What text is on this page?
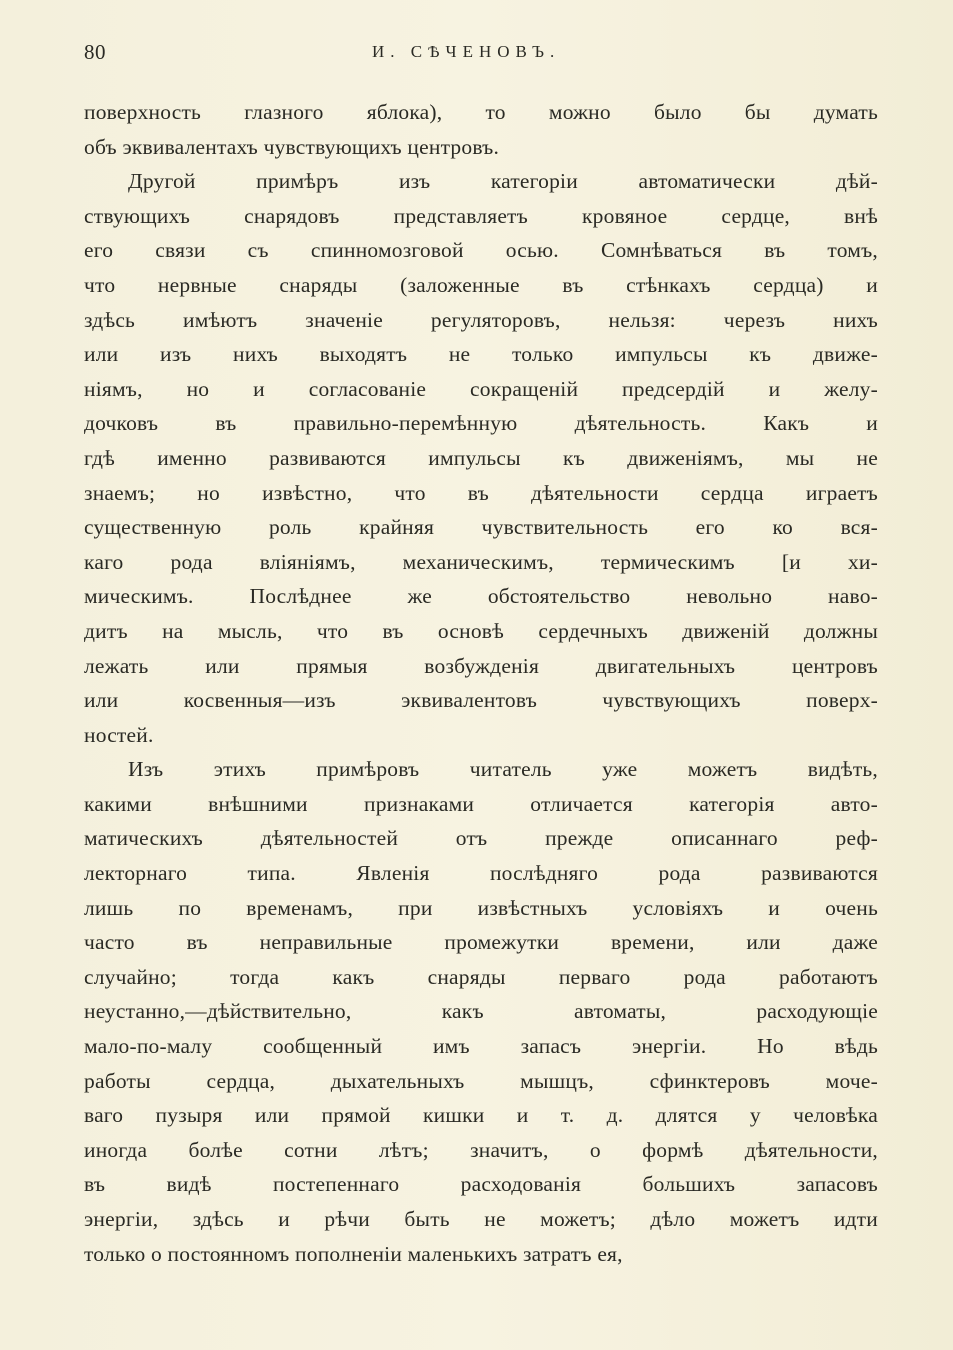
80	И. СѢЧЕНОВЪ.
поверхность глазного яблока), то можно было бы думать
объ эквивалентахъ чувствующихъ центровъ.
Другой примѣръ изъ категоріи автоматически дѣй-
ствующихъ снарядовъ представляетъ кровяное сердце, внѣ
его связи съ спинномозговой осью. Сомнѣваться въ томъ,
что нервные снаряды (заложенные въ стѣнкахъ сердца) и
здѣсь имѣютъ значеніе регуляторовъ, нельзя: черезъ нихъ
или изъ нихъ выходятъ не только импульсы къ движе-
ніямъ, но и согласованіе сокращеній предсердій и желу-
дочковъ въ правильно-перемѣнную дѣятельность. Какъ и
гдѣ именно развиваются импульсы къ движеніямъ, мы не
знаемъ; но извѣстно, что въ дѣятельности сердца играетъ
существенную роль крайняя чувствительность его ко вся-
каго рода вліяніямъ, механическимъ, термическимъ [и хи-
мическимъ. Послѣднее же обстоятельство невольно наво-
дитъ на мысль, что въ основѣ сердечныхъ движеній должны
лежать или прямыя возбужденія двигательныхъ центровъ
или косвенныя—изъ эквивалентовъ чувствующихъ поверх-
ностей.
Изъ этихъ примѣровъ читатель уже можетъ видѣть,
какими внѣшними признаками отличается категорія авто-
матическихъ дѣятельностей отъ прежде описаннаго реф-
лекторнаго типа. Явленія послѣдняго рода развиваются
лишь по временамъ, при извѣстныхъ условіяхъ и очень
часто въ неправильные промежутки времени, или даже
случайно; тогда какъ снаряды перваго рода работаютъ
неустанно,—дѣйствительно, какъ автоматы, расходующіе
мало-по-малу сообщенный имъ запасъ энергіи. Но вѣдь
работы сердца, дыхательныхъ мышцъ, сфинктеровъ моче-
ваго пузыря или прямой кишки и т. д. длятся у человѣка
иногда болѣе сотни лѣтъ; значитъ, о формѣ дѣятельности,
въ видѣ постепеннаго расходованія большихъ запасовъ
энергіи, здѣсь и рѣчи быть не можетъ; дѣло можетъ идти
только о постоянномъ пополненіи маленькихъ затратъ ея,
